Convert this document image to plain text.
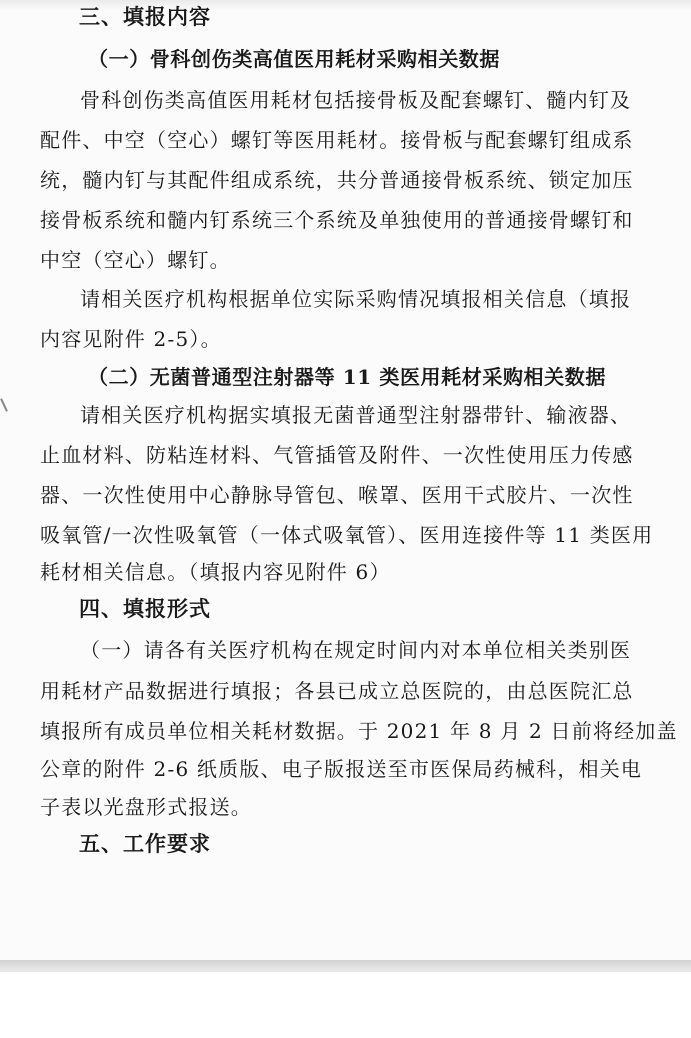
三、填报内容
（一）骨科创伤类高值医用耗材采购相关数据
骨科创伤类高值医用耗材包括接骨板及配套螺钉、髓内钉及
配件、中空（空心）螺钉等医用耗材。接骨板与配套螺钉组成系
统，髓内钉与其配件组成系统，共分普通接骨板系统、锁定加压
接骨板系统和髓内钉系统三个系统及单独使用的普通接骨螺钉和
中空（空心）螺钉。
请相关医疗机构根据单位实际采购情况填报相关信息（填报
内容见附件 2-5）。
（二）无菌普通型注射器等 11 类医用耗材采购相关数据
请相关医疗机构据实填报无菌普通型注射器带针、输液器、
止血材料、防粘连材料、气管插管及附件、一次性使用压力传感
器、一次性使用中心静脉导管包、喉罩、医用干式胶片、一次性
吸氧管/一次性吸氧管（一体式吸氧管）、医用连接件等 11 类医用
耗材相关信息。（填报内容见附件 6）
四、填报形式
（一）请各有关医疗机构在规定时间内对本单位相关类别医
用耗材产品数据进行填报；各县已成立总医院的，由总医院汇总
填报所有成员单位相关耗材数据。于 2021 年 8 月 2 日前将经加盖
公章的附件 2-6 纸质版、电子版报送至市医保局药械科，相关电
子表以光盘形式报送。
五、工作要求
